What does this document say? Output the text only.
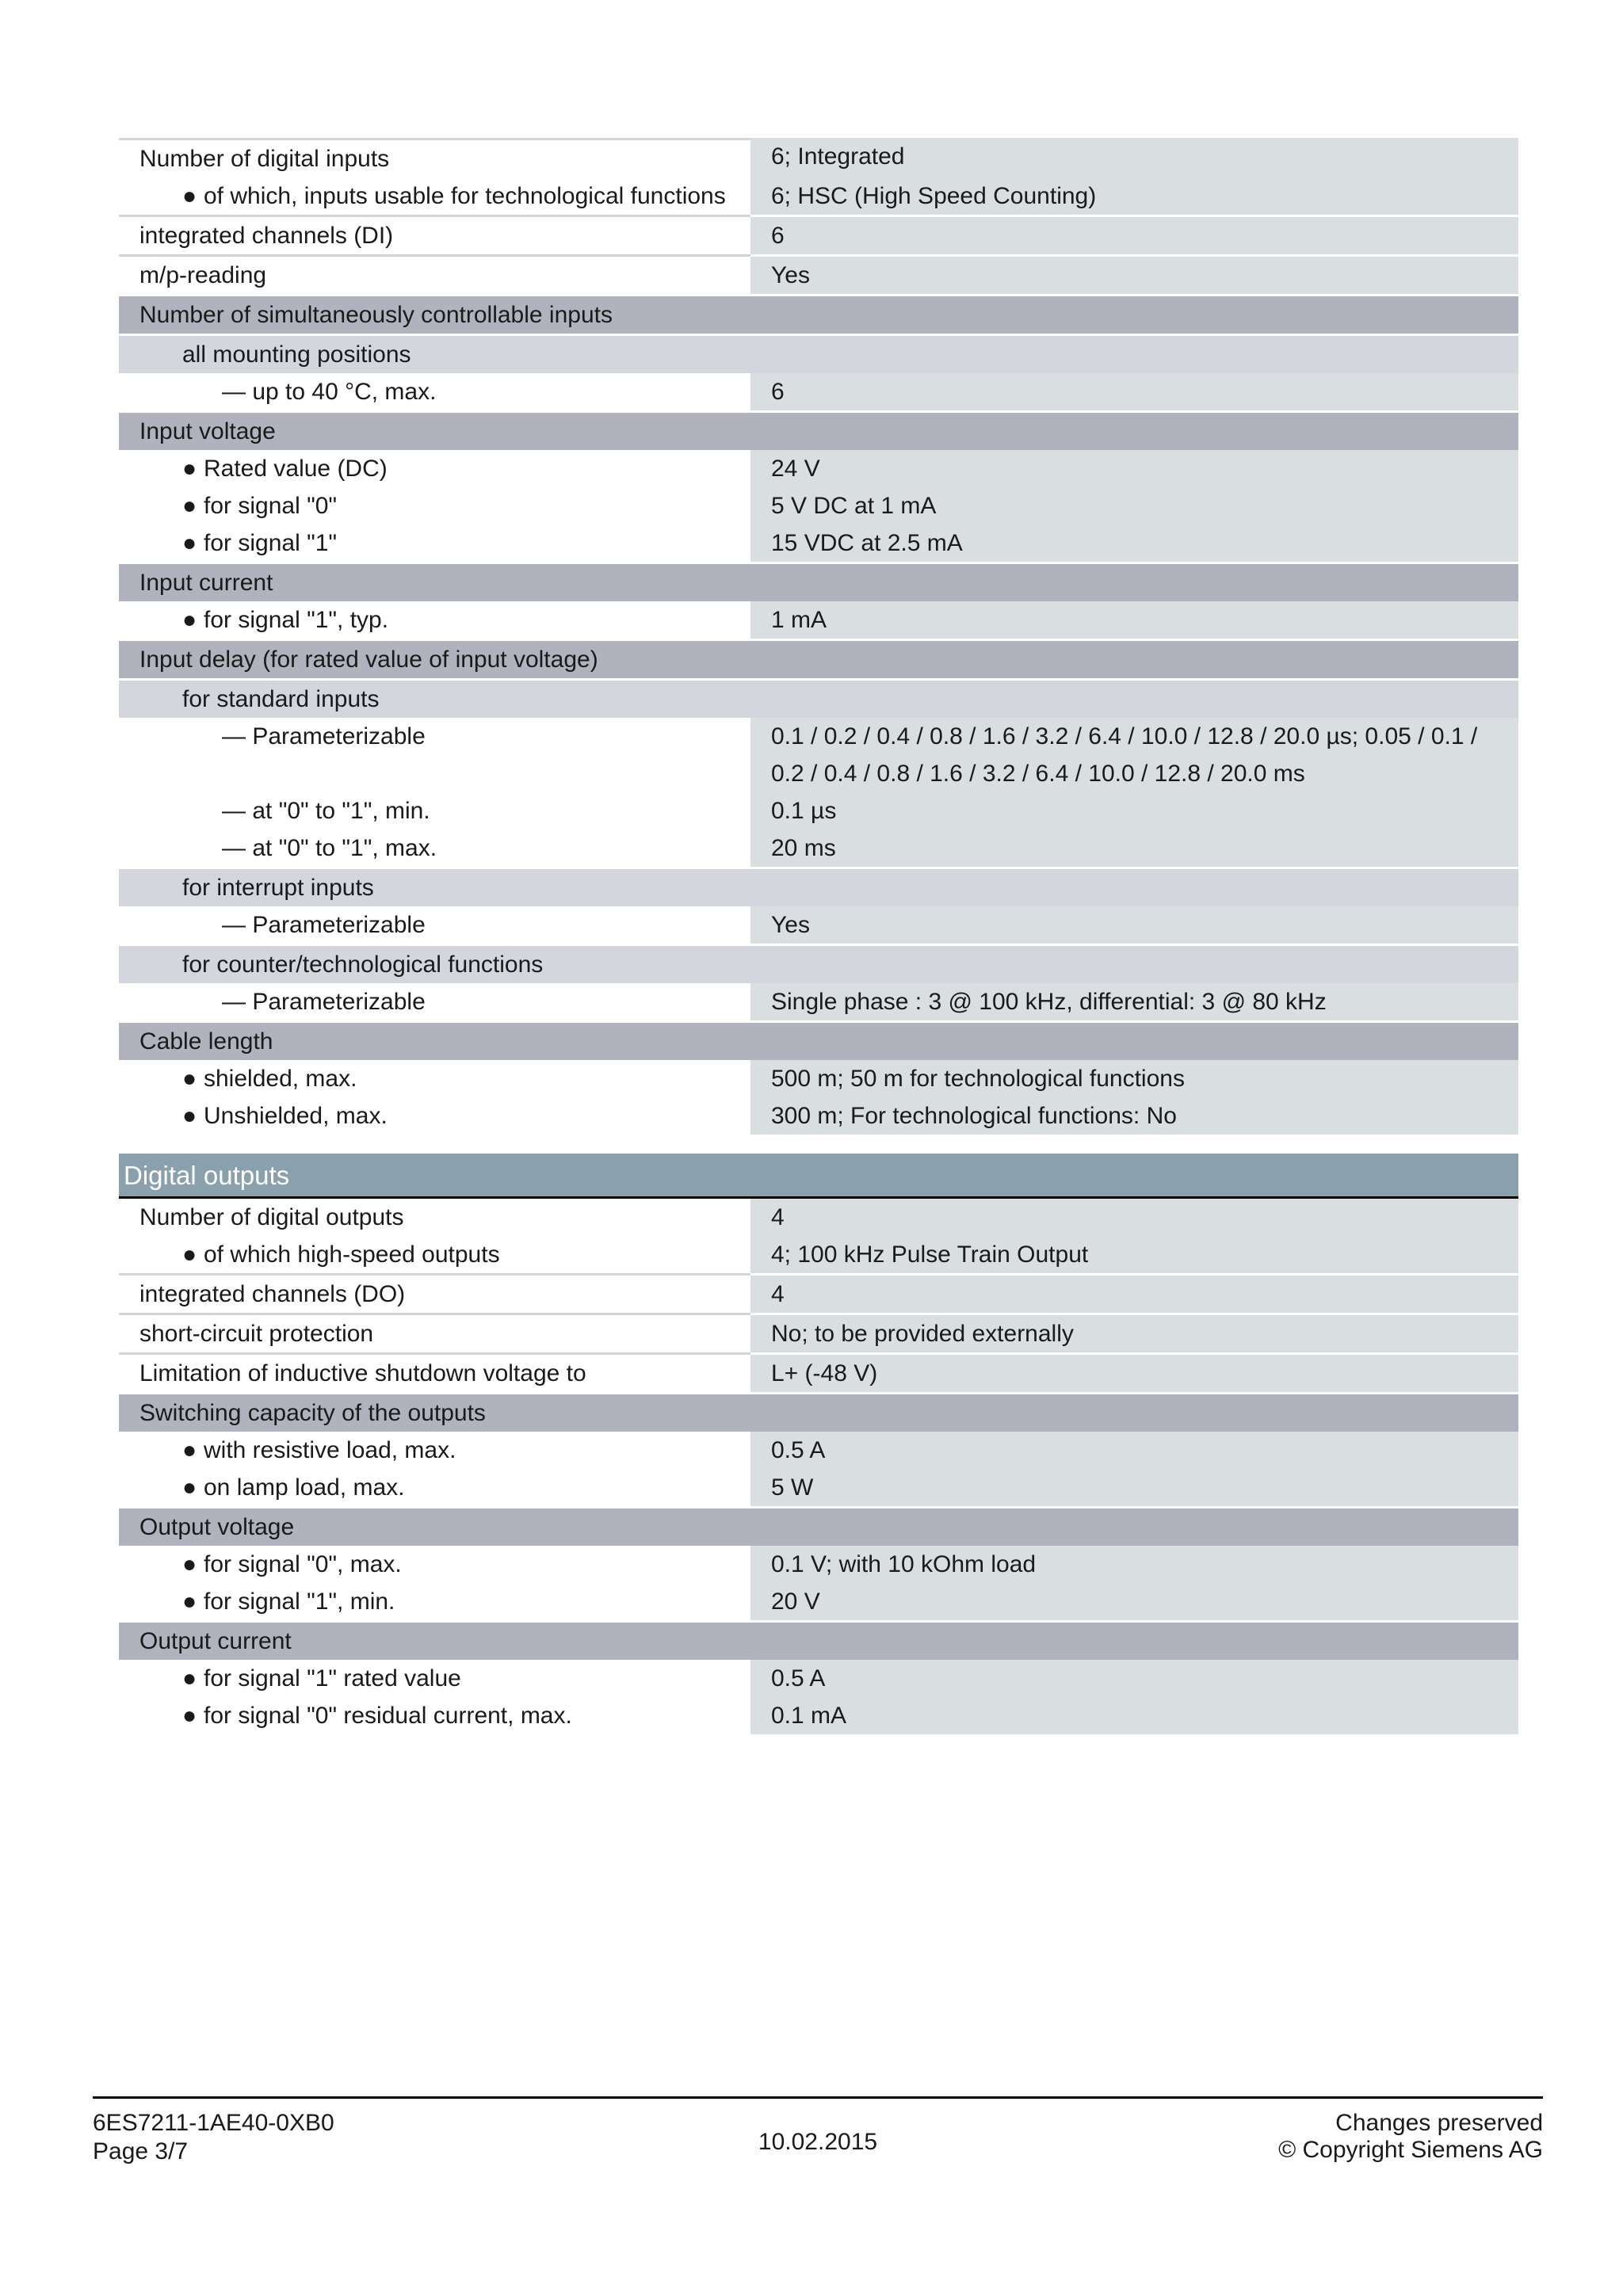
Number of digital inputs	6; Integrated
● of which, inputs usable for technological functions	6; HSC (High Speed Counting)
integrated channels (DI)	6
m/p-reading	Yes
Number of simultaneously controllable inputs
all mounting positions
— up to 40 °C, max.	6
Input voltage
● Rated value (DC)	24 V
● for signal "0"	5 V DC at 1 mA
● for signal "1"	15 VDC at 2.5 mA
Input current
● for signal "1", typ.	1 mA
Input delay (for rated value of input voltage)
for standard inputs
— Parameterizable	0.1 / 0.2 / 0.4 / 0.8 / 1.6 / 3.2 / 6.4 / 10.0 / 12.8 / 20.0 µs; 0.05 / 0.1 / 0.2 / 0.4 / 0.8 / 1.6 / 3.2 / 6.4 / 10.0 / 12.8 / 20.0 ms
— at "0" to "1", min.	0.1 µs
— at "0" to "1", max.	20 ms
for interrupt inputs
— Parameterizable	Yes
for counter/technological functions
— Parameterizable	Single phase : 3 @ 100 kHz, differential: 3 @ 80 kHz
Cable length
● shielded, max.	500 m; 50 m for technological functions
● Unshielded, max.	300 m; For technological functions: No
Digital outputs
Number of digital outputs	4
● of which high-speed outputs	4; 100 kHz Pulse Train Output
integrated channels (DO)	4
short-circuit protection	No; to be provided externally
Limitation of inductive shutdown voltage to	L+ (-48 V)
Switching capacity of the outputs
● with resistive load, max.	0.5 A
● on lamp load, max.	5 W
Output voltage
● for signal "0", max.	0.1 V; with 10 kOhm load
● for signal "1", min.	20 V
Output current
● for signal "1" rated value	0.5 A
● for signal "0" residual current, max.	0.1 mA
6ES7211-1AE40-0XB0
Page 3/7	10.02.2015
Changes preserved
© Copyright Siemens AG
